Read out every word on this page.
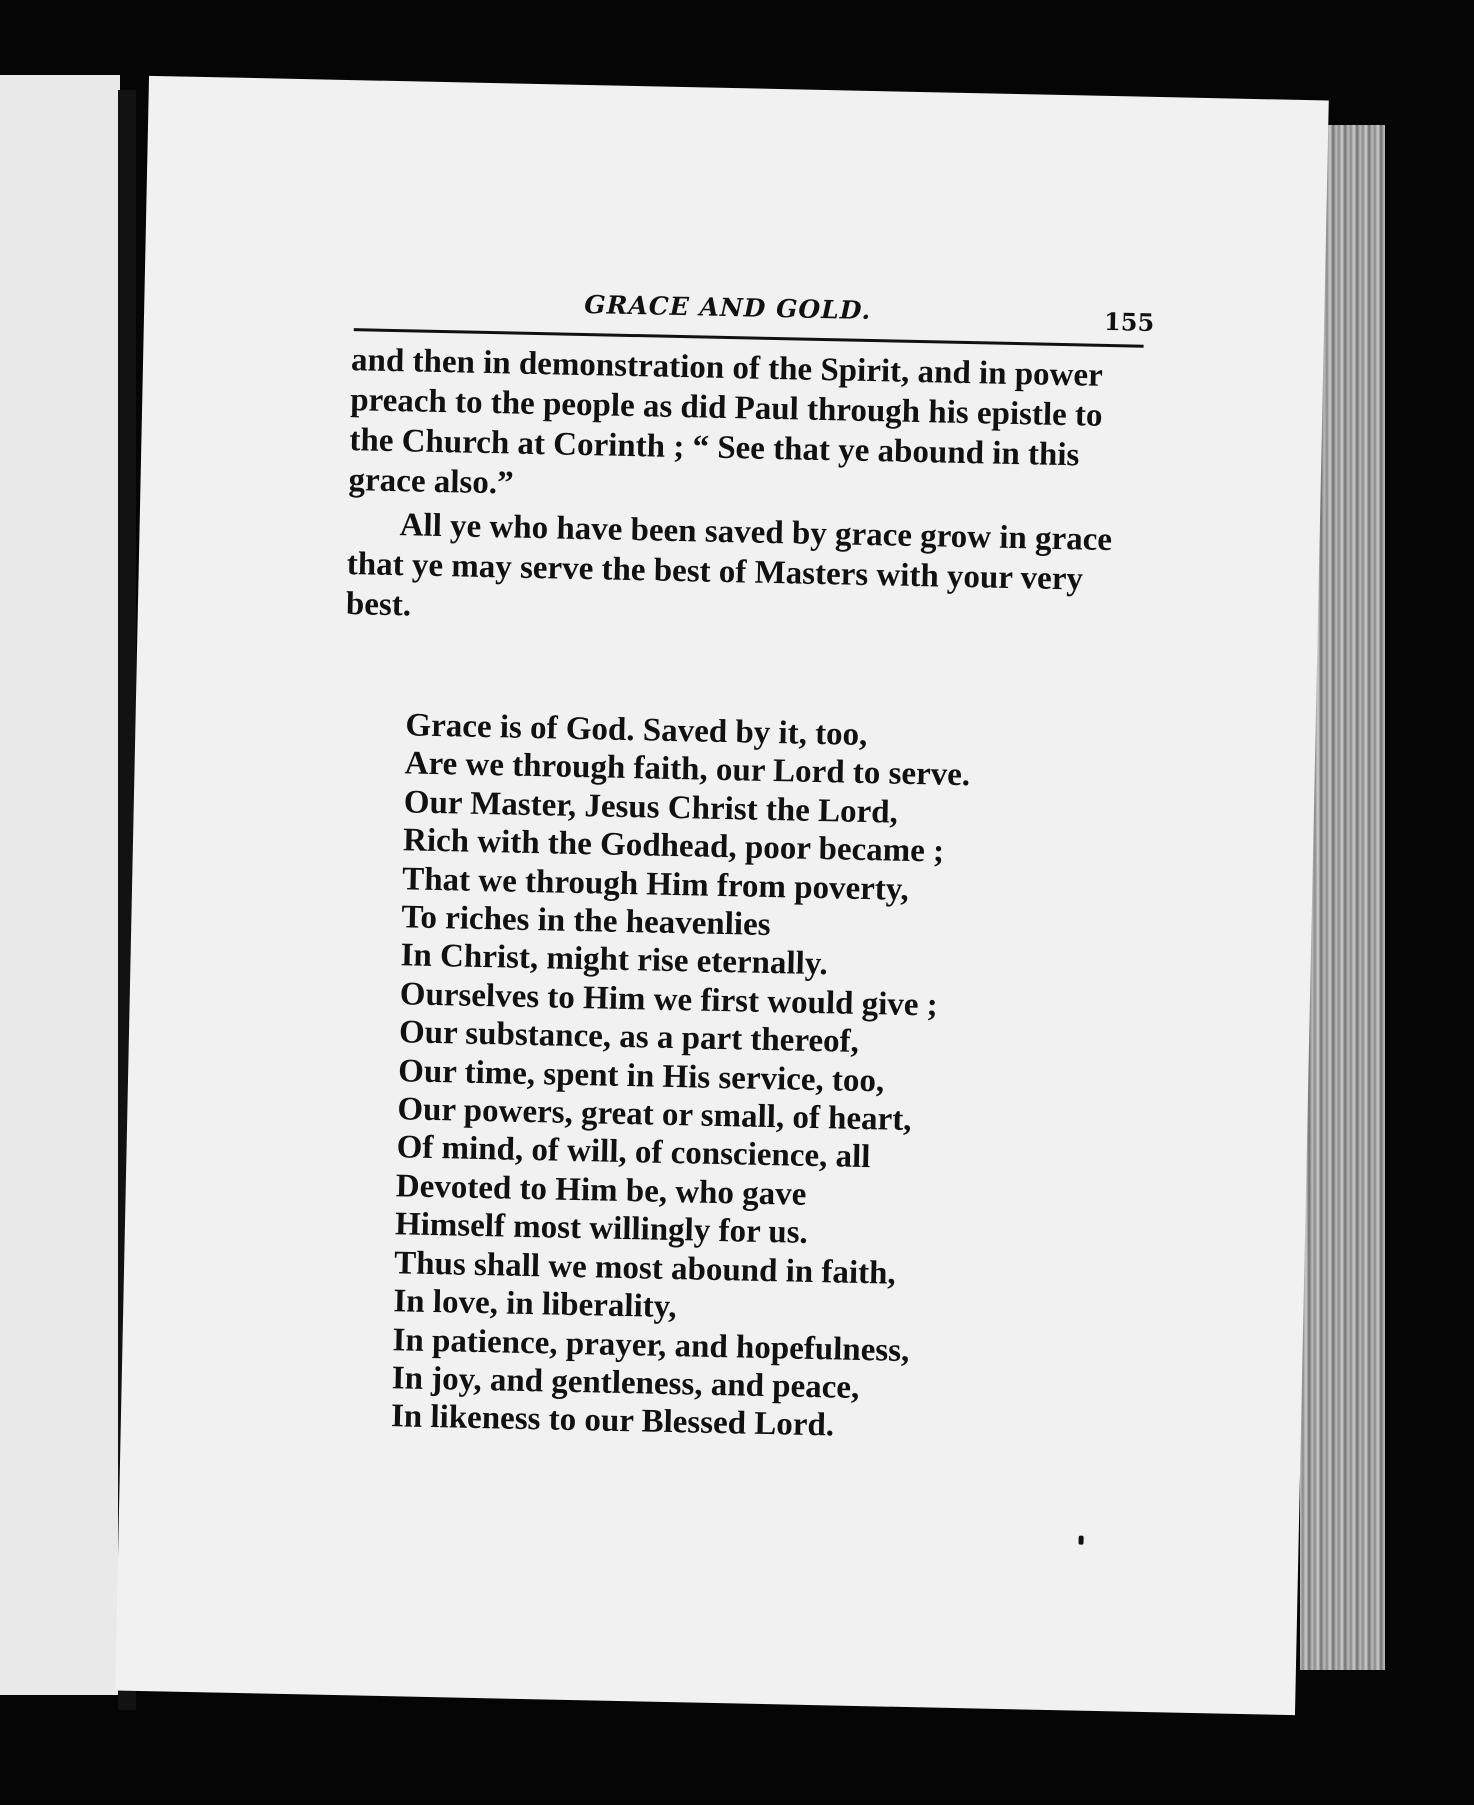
GRACE AND GOLD.	155

and then in demonstration of the Spirit, and in power preach to the people as did Paul through his epistle to the Church at Corinth ; “ See that ye abound in this grace also.”

All ye who have been saved by grace grow in grace that ye may serve the best of Masters with your very best.

Grace is of God. Saved by it, too,
Are we through faith, our Lord to serve.
Our Master, Jesus Christ the Lord,
Rich with the Godhead, poor became ;
That we through Him from poverty,
To riches in the heavenlies
In Christ, might rise eternally.
Ourselves to Him we first would give ;
Our substance, as a part thereof,
Our time, spent in His service, too,
Our powers, great or small, of heart,
Of mind, of will, of conscience, all
Devoted to Him be, who gave
Himself most willingly for us.
Thus shall we most abound in faith,
In love, in liberality,
In patience, prayer, and hopefulness,
In joy, and gentleness, and peace,
In likeness to our Blessed Lord.
